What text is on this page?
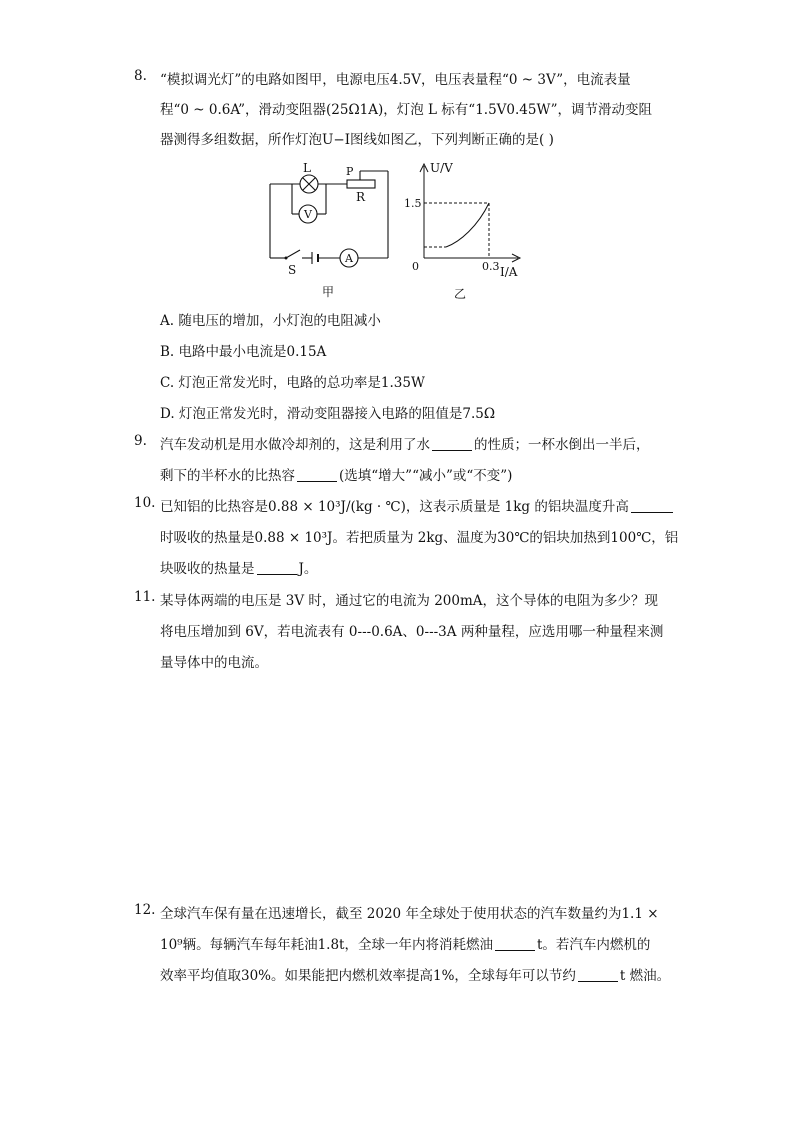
8. “模拟调光灯”的电路如图甲，电源电压4.5V，电压表量程“0 ~ 3V”，电流表量
程“0 ~ 0.6A”，滑动变阻器(25Ω1A)，灯泡 L 标有“1.5V0.45W”，调节滑动变阻
器测得多组数据，所作灯泡U−I图线如图乙，下列判断正确的是( )
L
V
A
P
R
S
甲
U/V
1.5
0	0.3 I/A
乙
A. 随电压的增加，小灯泡的电阻减小
B. 电路中最小电流是0.15A
C. 灯泡正常发光时，电路的总功率是1.35W
D. 灯泡正常发光时，滑动变阻器接入电路的阻值是7.5Ω
9. 汽车发动机是用水做冷却剂的，这是利用了水	的性质；一杯水倒出一半后，
剩下的半杯水的比热容	(选填“增大”“减小”或“不变”)
10. 已知铝的比热容是0.88 × 10³J/(kg · ℃)，这表示质量是 1kg 的铝块温度升高
时吸收的热量是0.88 × 10³J。若把质量为 2kg、温度为30℃的铝块加热到100℃，铝
块吸收的热量是	J。
11. 某导体两端的电压是 3V 时，通过它的电流为 200mA，这个导体的电阻为多少？现
将电压增加到 6V，若电流表有 0---0.6A、0---3A 两种量程，应选用哪一种量程来测
量导体中的电流。
12. 全球汽车保有量在迅速增长，截至 2020 年全球处于使用状态的汽车数量约为1.1 ×
10⁹辆。每辆汽车每年耗油1.8t，全球一年内将消耗燃油	t。若汽车内燃机的
效率平均值取30%。如果能把内燃机效率提高1%，全球每年可以节约	t 燃油。
